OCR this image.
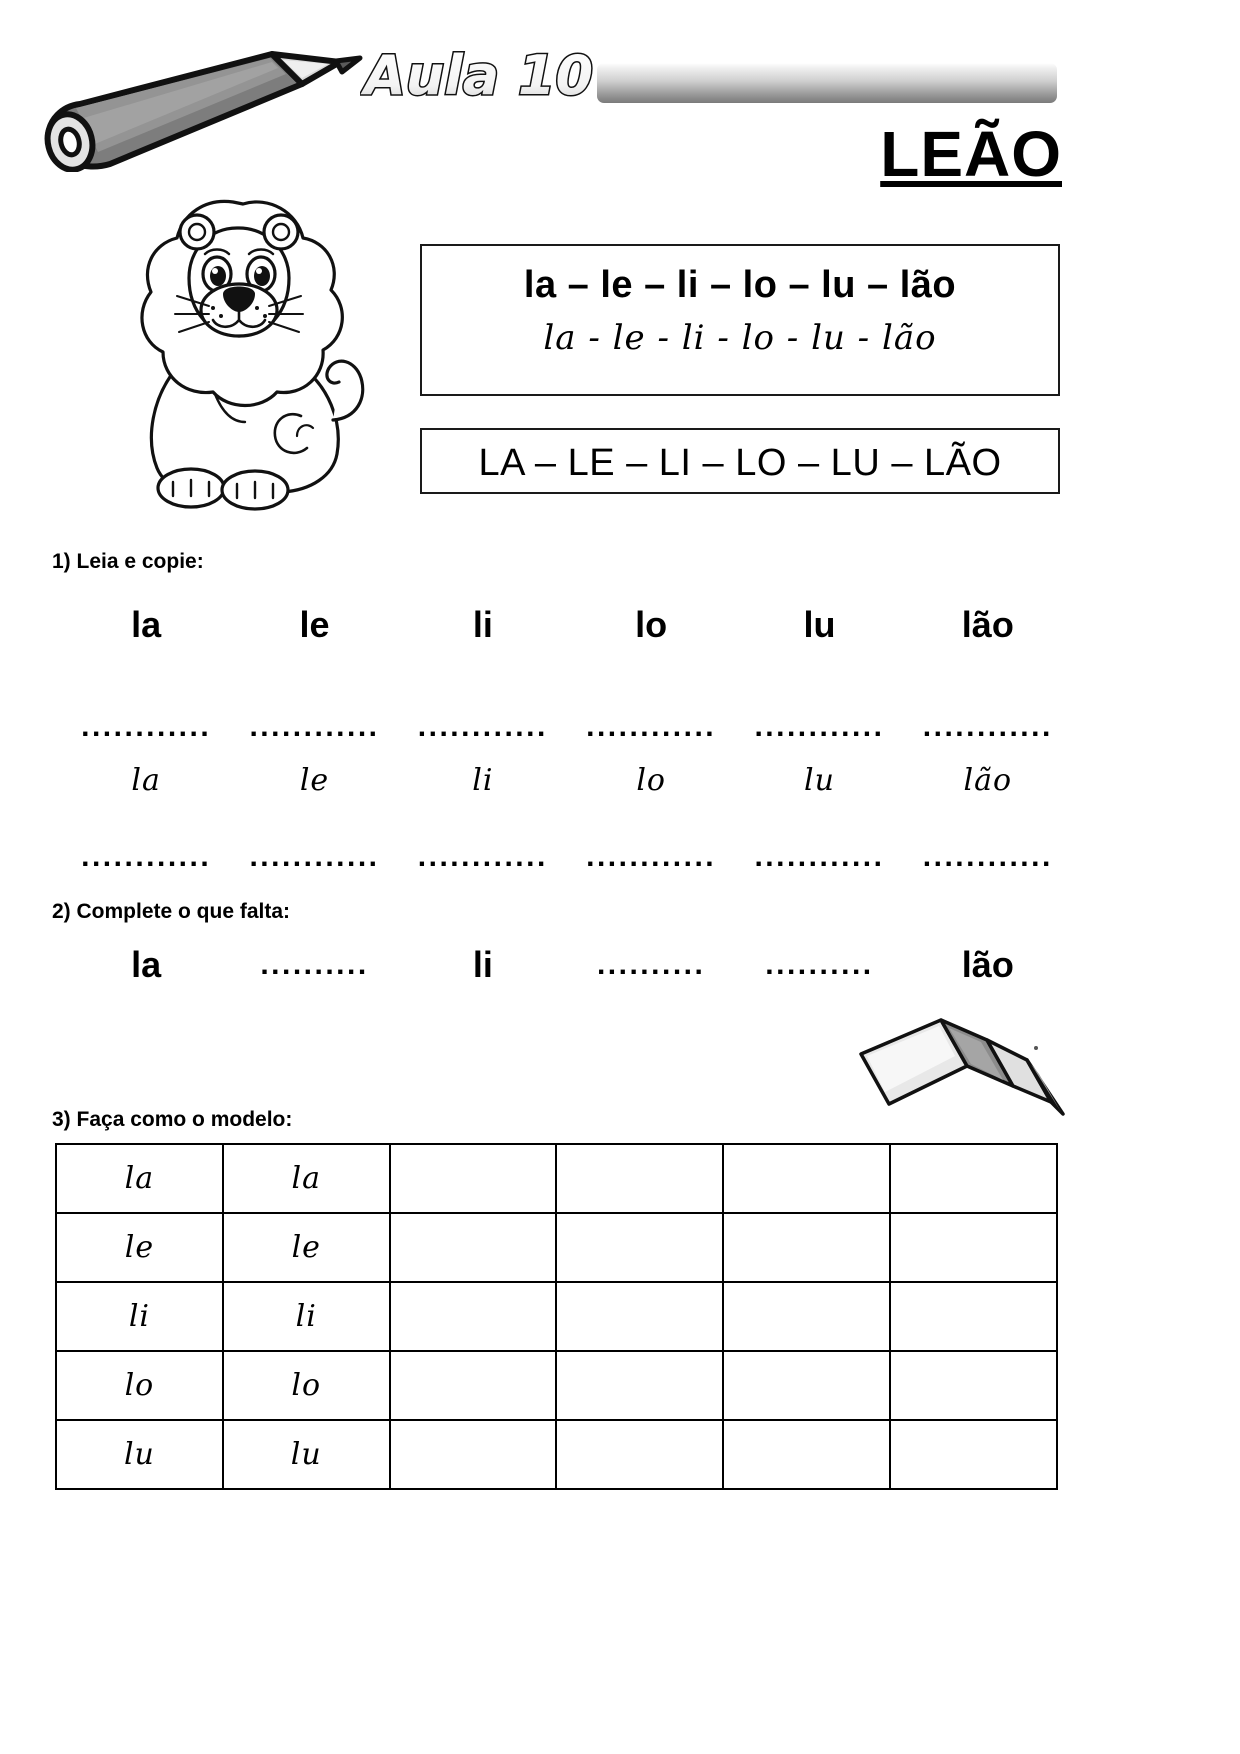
Aula 10
LEÃO
la – le – li – lo – lu – lão
la - le - li - lo - lu - lão
LA – LE – LI – LO – LU – LÃO
1) Leia e copie:
la	le	li	lo	lu	lão
............	............	............	............	............	............
la	le	li	lo	lu	lão
............	............	............	............	............	............
2) Complete o que falta:
la	..........	li	..........	..........	lão
3) Faça como o modelo:
la	la				
le	le				
li	li				
lo	lo				
lu	lu				
